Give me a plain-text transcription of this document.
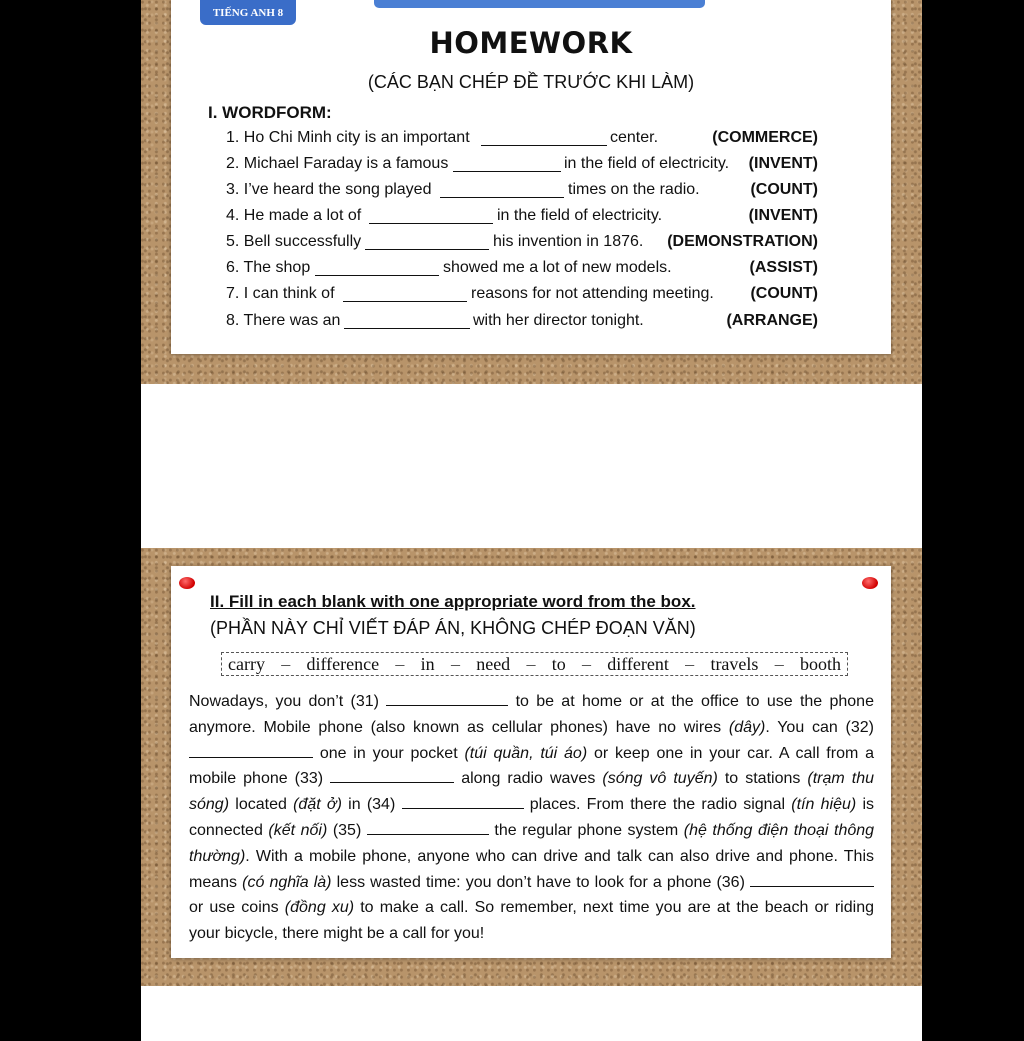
TIẾNG ANH 8
HOMEWORK
(CÁC BẠN CHÉP ĐỀ TRƯỚC KHI LÀM)
I. WORDFORM:
1. Ho Chi Minh city is an important	center.	(COMMERCE)
2. Michael Faraday is a famous	in the field of electricity. (INVENT)
3. I’ve heard the song played	times on the radio.	(COUNT)
4. He made a lot of	in the field of electricity.	(INVENT)
5. Bell successfully	his invention in 1876. (DEMONSTRATION)
6. The shop	showed me a lot of new models.	(ASSIST)
7. I can think of	reasons for not attending meeting. (COUNT)
8. There was an	with her director tonight.	(ARRANGE)
II. Fill in each blank with one appropriate word from the box.
(PHẦN NÀY CHỈ VIẾT ĐÁP ÁN, KHÔNG CHÉP ĐOẠN VĂN)
carry – difference – in – need – to – different – travels – booth
Nowadays, you don’t (31)	to be at home or at the office to use the phone anymore. Mobile phone (also known as cellular phones) have no wires (dây). You can (32)  one in your pocket (túi quần, túi áo) or keep one in your car. A call from a mobile phone (33)	along radio waves (sóng vô tuyến) to stations (trạm thu sóng) located (đặt ở) in (34)	places. From there the radio signal (tín hiệu) is connected (kết nối) (35)	the regular phone system (hệ thống điện thoại thông thường). With a mobile phone, anyone who can drive and talk can also drive and phone. This means (có nghĩa là) less wasted time: you don’t have to look for a phone (36)  or use coins (đồng xu) to make a call. So remember, next time you are at the beach or riding your bicycle, there might be a call for you!
